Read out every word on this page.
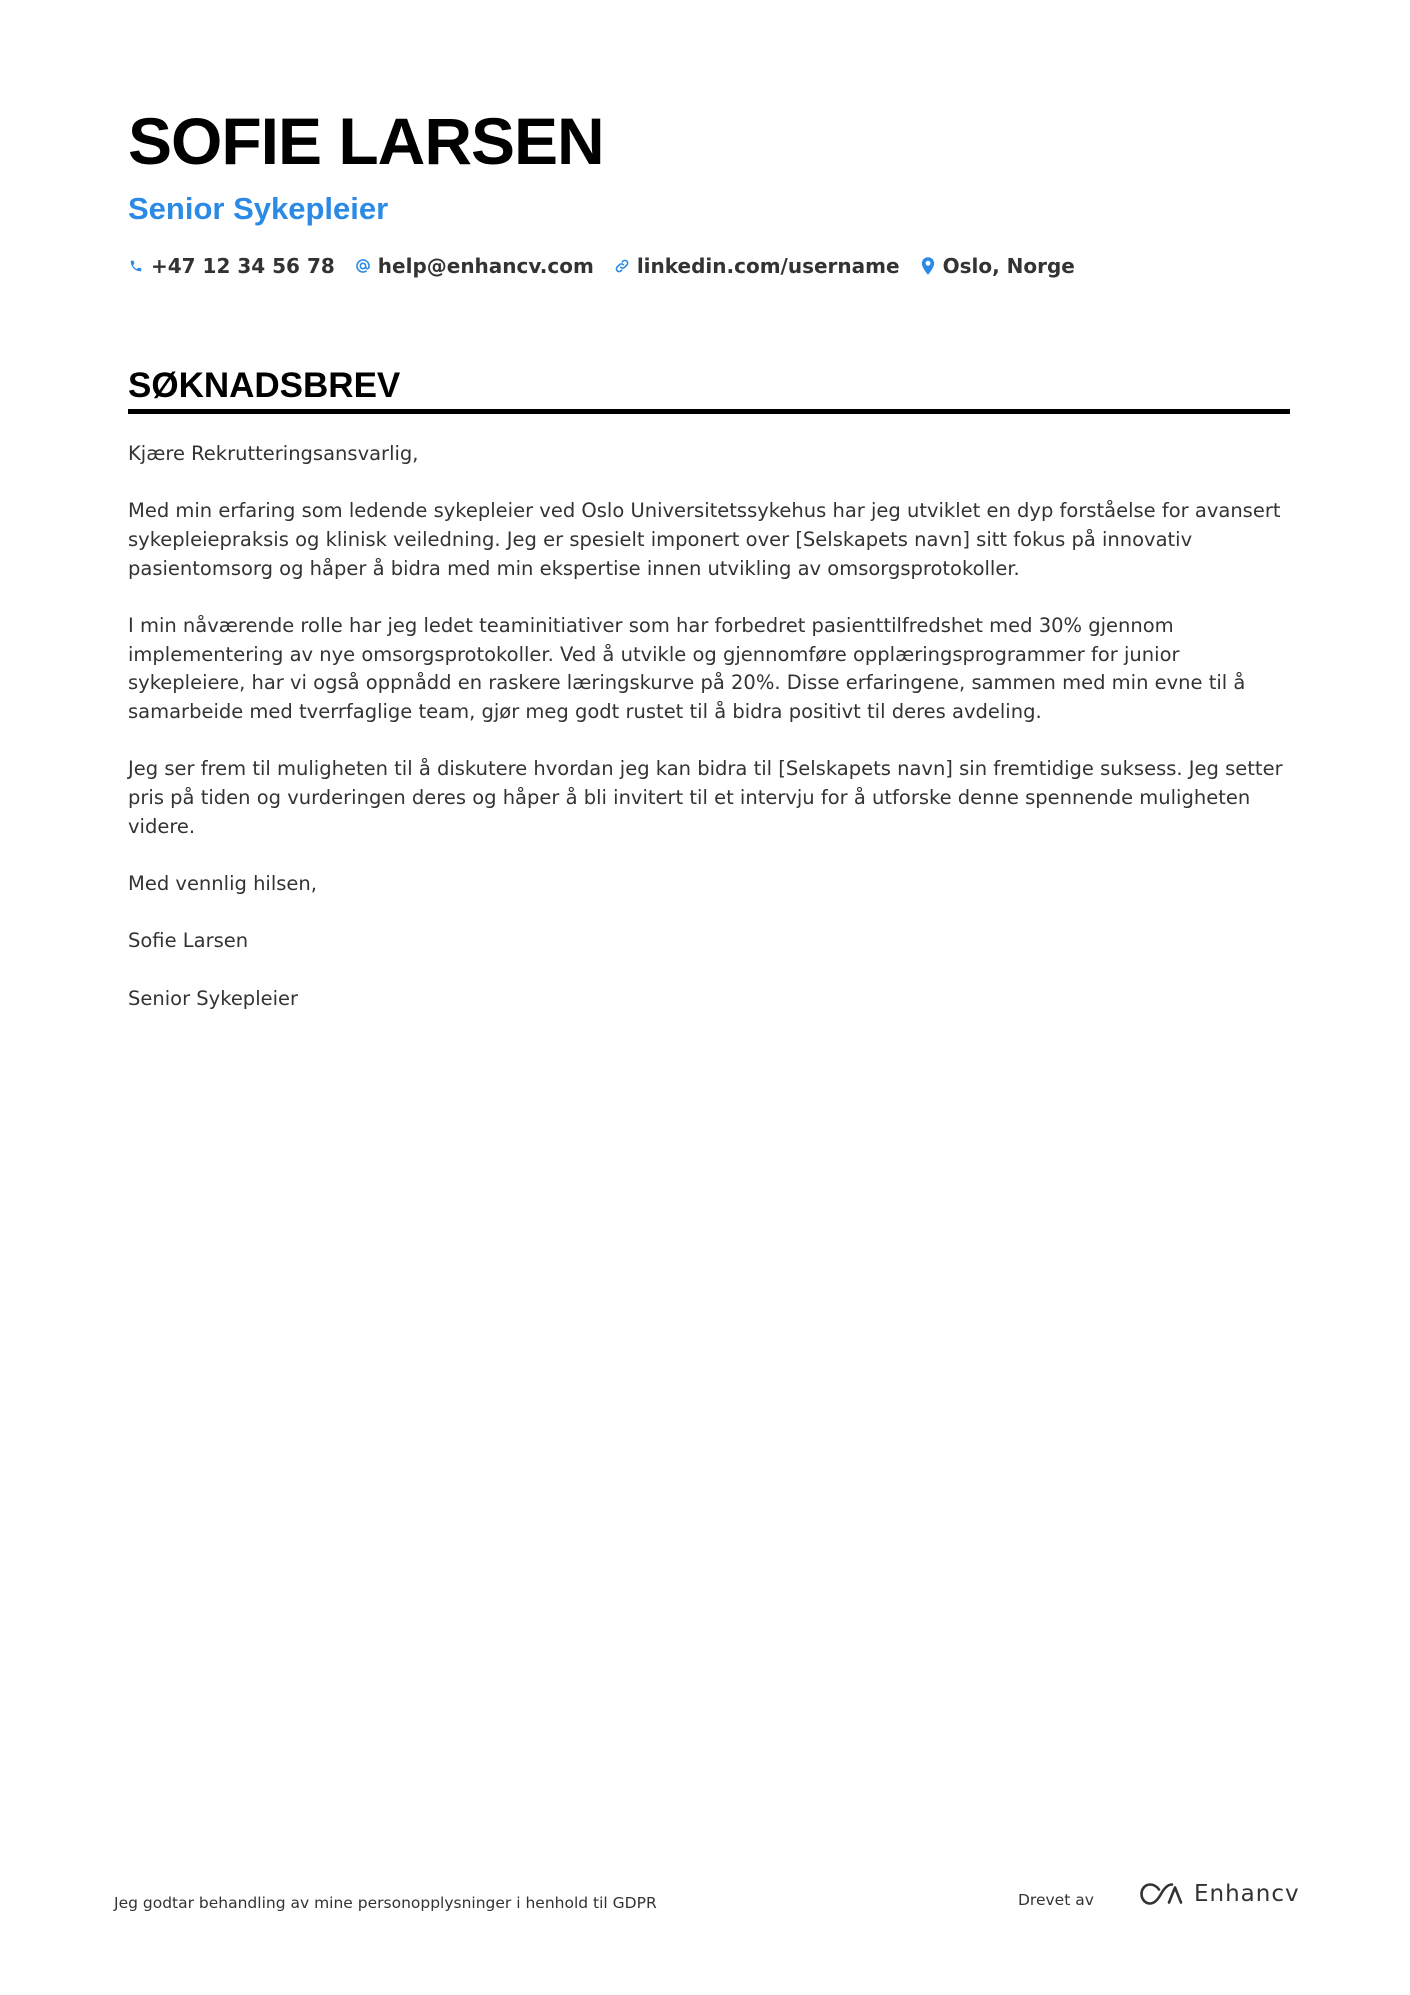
SOFIE LARSEN
Senior Sykepleier
+47 12 34 56 78 help@enhancv.com linkedin.com/username Oslo, Norge
SØKNADSBREV

Kjære Rekrutteringsansvarlig,

Med min erfaring som ledende sykepleier ved Oslo Universitetssykehus har jeg utviklet en dyp forståelse for avansert sykepleiepraksis og klinisk veiledning. Jeg er spesielt imponert over [Selskapets navn] sitt fokus på innovativ pasientomsorg og håper å bidra med min ekspertise innen utvikling av omsorgsprotokoller.

I min nåværende rolle har jeg ledet teaminitiativer som har forbedret pasienttilfredshet med 30% gjennom implementering av nye omsorgsprotokoller. Ved å utvikle og gjennomføre opplæringsprogrammer for junior sykepleiere, har vi også oppnådd en raskere læringskurve på 20%. Disse erfaringene, sammen med min evne til å samarbeide med tverrfaglige team, gjør meg godt rustet til å bidra positivt til deres avdeling.

Jeg ser frem til muligheten til å diskutere hvordan jeg kan bidra til [Selskapets navn] sin fremtidige suksess. Jeg setter pris på tiden og vurderingen deres og håper å bli invitert til et intervju for å utforske denne spennende muligheten videre.

Med vennlig hilsen,

Sofie Larsen

Senior Sykepleier

Jeg godtar behandling av mine personopplysninger i henhold til GDPR	Drevet av	Enhancv
